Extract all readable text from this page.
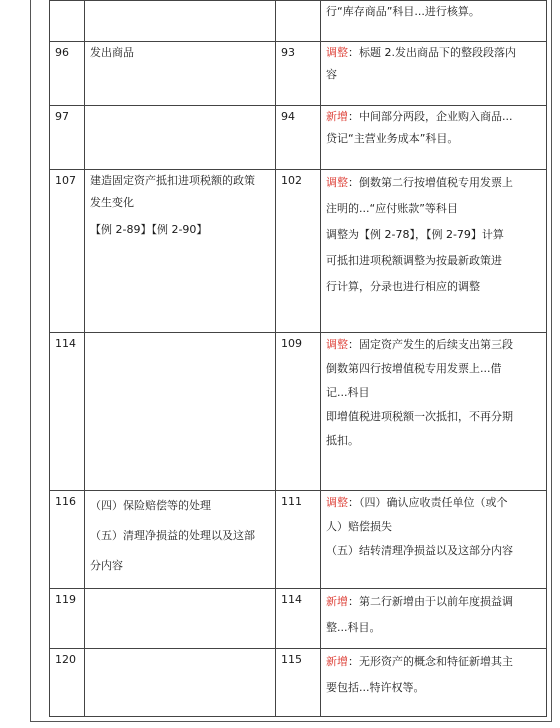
			行“库存商品”科目...进行核算。

96	发出商品	93	调整：标题 2.发出商品下的整段段落内
容

97		94	新增：中间部分两段，企业购入商品...
贷记“主营业务成本”科目。

107	建造固定资产抵扣进项税额的政策
发生变化
【例 2-89】【例 2-90】	102	调整：倒数第二行按增值税专用发票上
注明的...“应付账款”等科目
调整为【例 2-78】，【例 2-79】计算
可抵扣进项税额调整为按最新政策进
行计算，分录也进行相应的调整

114		109	调整：固定资产发生的后续支出第三段
倒数第四行按增值税专用发票上...借
记...科目
即增值税进项税额一次抵扣，不再分期
抵扣。

116	（四）保险赔偿等的处理
（五）清理净损益的处理以及这部
分内容	111	调整：（四）确认应收责任单位（或个
人）赔偿损失
（五）结转清理净损益以及这部分内容

119		114	新增：第二行新增由于以前年度损益调
整...科目。

120		115	新增：无形资产的概念和特征新增其主
要包括...特许权等。
